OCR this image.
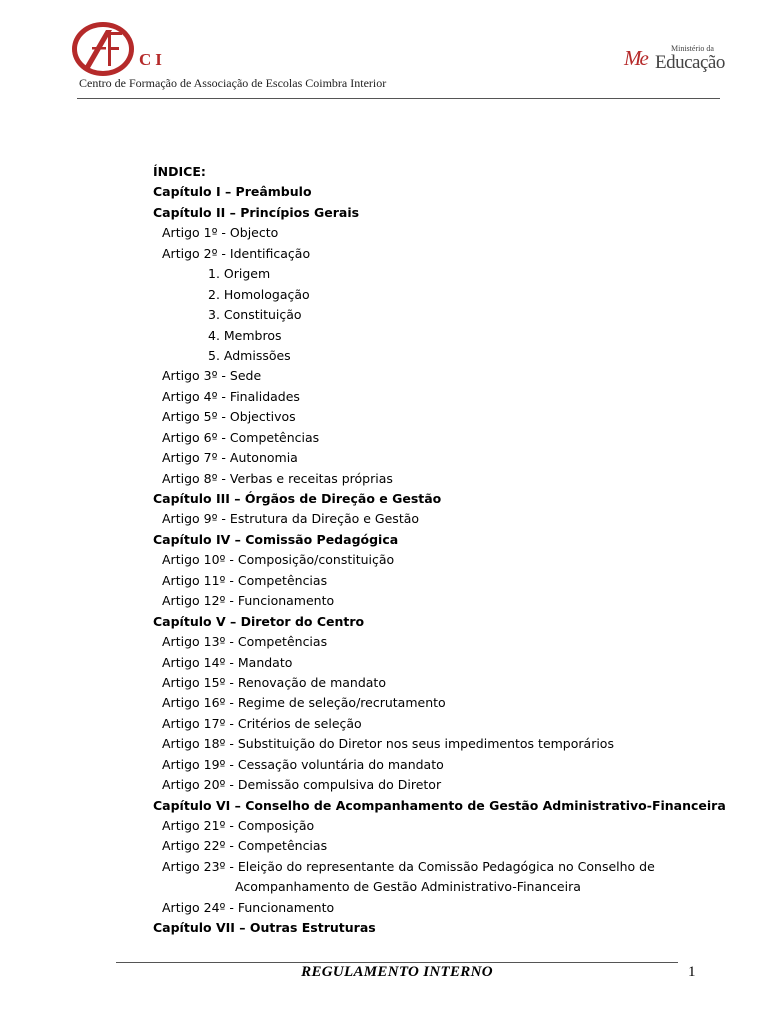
CI
Centro de Formação de Associação de Escolas Coimbra Interior
Me	Ministério da
Educação
ÍNDICE:
Capítulo I – Preâmbulo
Capítulo II – Princípios Gerais
Artigo 1º - Objecto
Artigo 2º - Identificação
1. Origem
2. Homologação
3. Constituição
4. Membros
5. Admissões
Artigo 3º - Sede
Artigo 4º - Finalidades
Artigo 5º - Objectivos
Artigo 6º - Competências
Artigo 7º - Autonomia
Artigo 8º - Verbas e receitas próprias
Capítulo III – Órgãos de Direção e Gestão
Artigo 9º - Estrutura da Direção e Gestão
Capítulo IV – Comissão Pedagógica
Artigo 10º - Composição/constituição
Artigo 11º - Competências
Artigo 12º - Funcionamento
Capítulo V – Diretor do Centro
Artigo 13º - Competências
Artigo 14º - Mandato
Artigo 15º - Renovação de mandato
Artigo 16º - Regime de seleção/recrutamento
Artigo 17º - Critérios de seleção
Artigo 18º - Substituição do Diretor nos seus impedimentos temporários
Artigo 19º - Cessação voluntária do mandato
Artigo 20º - Demissão compulsiva do Diretor
Capítulo VI – Conselho de Acompanhamento de Gestão Administrativo-Financeira
Artigo 21º - Composição
Artigo 22º - Competências
Artigo 23º - Eleição do representante da Comissão Pedagógica no Conselho de
Acompanhamento de Gestão Administrativo-Financeira
Artigo 24º - Funcionamento
Capítulo VII – Outras Estruturas
REGULAMENTO INTERNO	1
